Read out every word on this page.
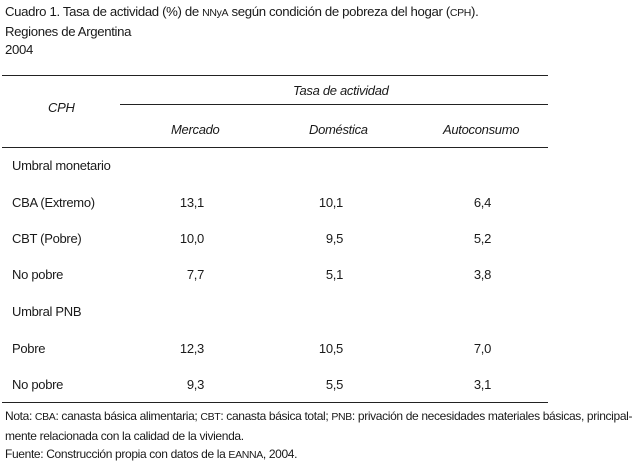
Cuadro 1. Tasa de actividad (%) de NNyA según condición de pobreza del hogar (CPH).
Regiones de Argentina
2004
CPH
Tasa de actividad
Mercado	Doméstica	Autoconsumo
Umbral monetario
CBA (Extremo)	13,1	10,1	6,4
CBT (Pobre)	10,0	9,5	5,2
No pobre	7,7	5,1	3,8
Umbral PNB
Pobre	12,3	10,5	7,0
No pobre	9,3	5,5	3,1
Nota: CBA: canasta básica alimentaria; CBT: canasta básica total; PNB: privación de necesidades materiales básicas, principal-
mente relacionada con la calidad de la vivienda.
Fuente: Construcción propia con datos de la EANNA, 2004.
